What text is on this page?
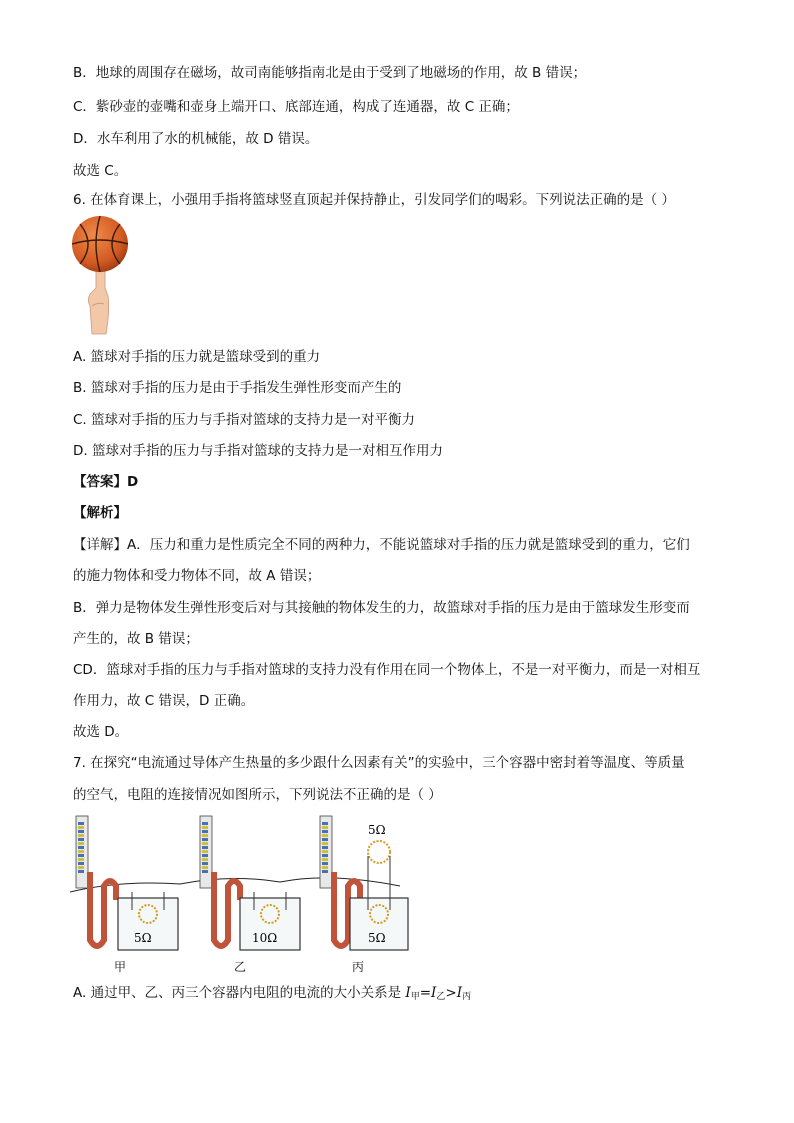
B．地球的周围存在磁场，故司南能够指南北是由于受到了地磁场的作用，故 B 错误；
C．紫砂壶的壶嘴和壶身上端开口、底部连通，构成了连通器，故 C 正确；
D．水车利用了水的机械能，故 D 错误。
故选 C。
6. 在体育课上，小强用手指将篮球竖直顶起并保持静止，引发同学们的喝彩。下列说法正确的是（ ）
A. 篮球对手指的压力就是篮球受到的重力
B. 篮球对手指的压力是由于手指发生弹性形变而产生的
C. 篮球对手指的压力与手指对篮球的支持力是一对平衡力
D. 篮球对手指的压力与手指对篮球的支持力是一对相互作用力
【答案】D
【解析】
【详解】A．压力和重力是性质完全不同的两种力，不能说篮球对手指的压力就是篮球受到的重力，它们
的施力物体和受力物体不同，故 A 错误；
B．弹力是物体发生弹性形变后对与其接触的物体发生的力，故篮球对手指的压力是由于篮球发生形变而
产生的，故 B 错误；
CD．篮球对手指的压力与手指对篮球的支持力没有作用在同一个物体上，不是一对平衡力，而是一对相互
作用力，故 C 错误，D 正确。
故选 D。
7. 在探究“电流通过导体产生热量的多少跟什么因素有关”的实验中，三个容器中密封着等温度、等质量
的空气，电阻的连接情况如图所示，下列说法不正确的是（ ）
5Ω	10Ω	5Ω
5Ω
甲	乙	丙
A. 通过甲、乙、丙三个容器内电阻的电流的大小关系是 $I_甲=I_乙>I_丙$
